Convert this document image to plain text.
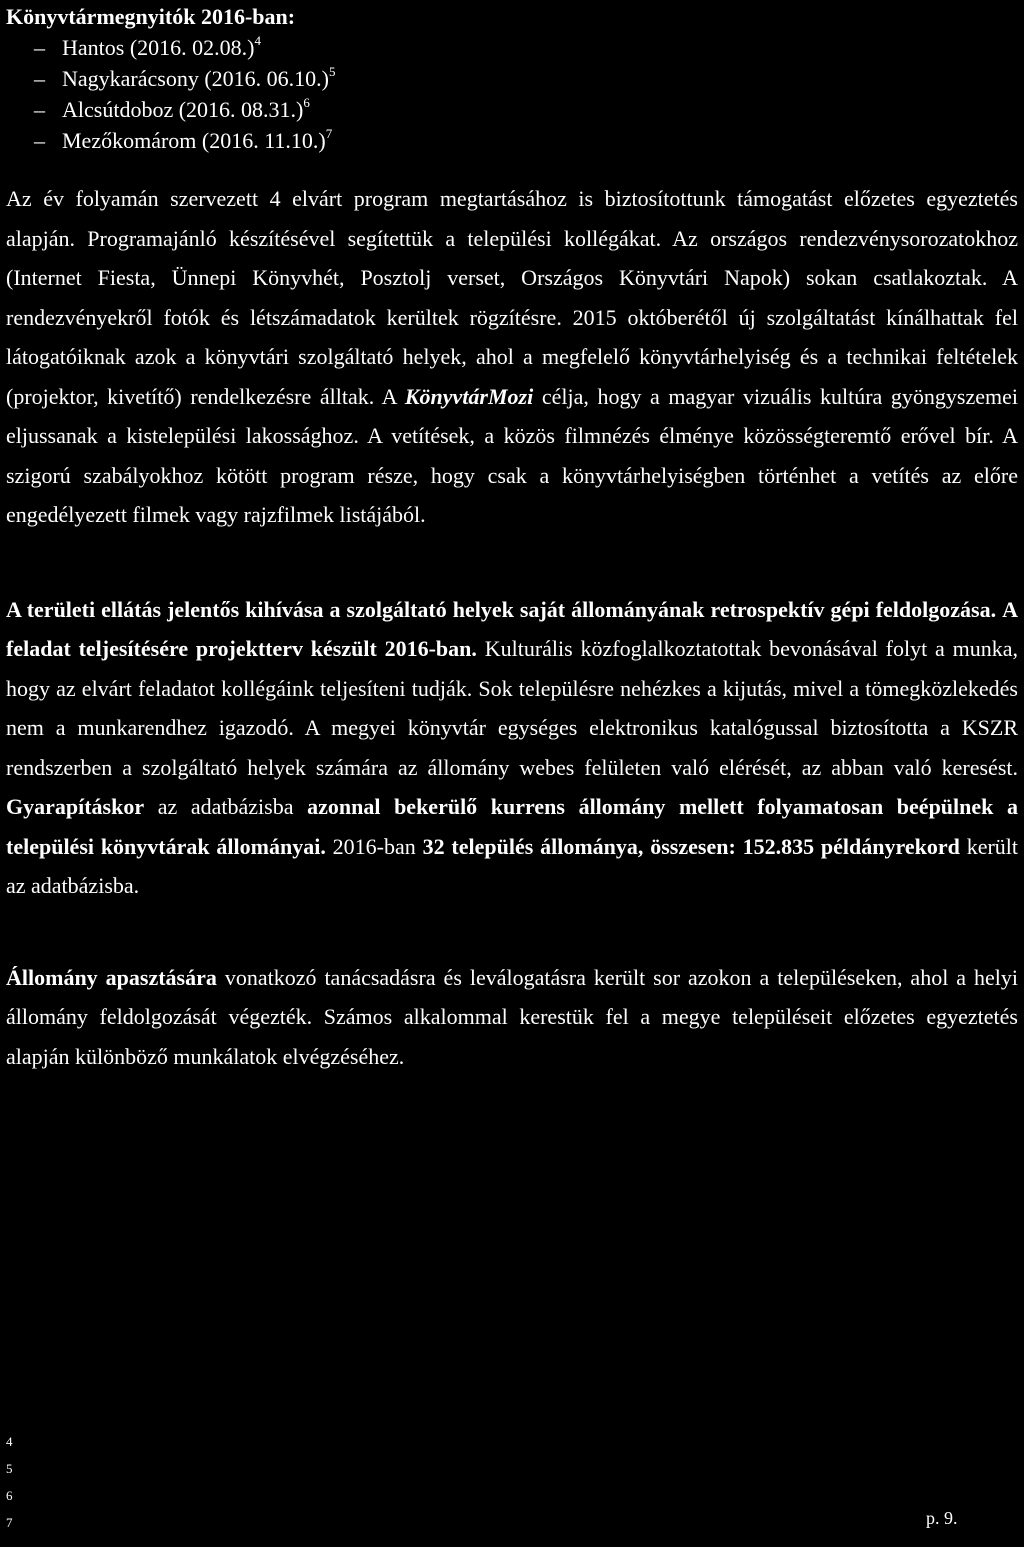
Könyvtármegnyitók 2016-ban:
– Hantos (2016. 02.08.)$^4$
– Nagykarácsony (2016. 06.10.)$^5$
– Alcsútdoboz (2016. 08.31.)$^6$
– Mezőkomárom (2016. 11.10.)$^7$

Az év folyamán szervezett 4 elvárt program megtartásához is biztosítottunk támogatást előzetes egyeztetés alapján. Programajánló készítésével segítettük a települési kollégákat. Az országos rendezvénysorozatokhoz (Internet Fiesta, Ünnepi Könyvhét, Posztolj verset, Országos Könyvtári Napok) sokan csatlakoztak. A rendezvényekről fotók és létszámadatok kerültek rögzítésre. 2015 októberétől új szolgáltatást kínálhattak fel látogatóiknak azok a könyvtári szolgáltató helyek, ahol a megfelelő könyvtárhelyiség és a technikai feltételek (projektor, kivetítő) rendelkezésre álltak. A KönyvtárMozi célja, hogy a magyar vizuális kultúra gyöngyszemei eljussanak a kistelepülési lakossághoz. A vetítések, a közös filmnézés élménye közösségteremtő erővel bír. A szigorú szabályokhoz kötött program része, hogy csak a könyvtárhelyiségben történhet a vetítés az előre engedélyezett filmek vagy rajzfilmek listájából.

A területi ellátás jelentős kihívása a szolgáltató helyek saját állományának retrospektív gépi feldolgozása. A feladat teljesítésére projektterv készült 2016-ban. Kulturális közfoglalkoztatottak bevonásával folyt a munka, hogy az elvárt feladatot kollégáink teljesíteni tudják. Sok településre nehézkes a kijutás, mivel a tömegközlekedés nem a munkarendhez igazodó. A megyei könyvtár egységes elektronikus katalógussal biztosította a KSZR rendszerben a szolgáltató helyek számára az állomány webes felületen való elérését, az abban való keresést. Gyarapításkor az adatbázisba azonnal bekerülő kurrens állomány mellett folyamatosan beépülnek a települési könyvtárak állományai. 2016-ban 32 település állománya, összesen: 152.835 példányrekord került az adatbázisba.

Állomány apasztására vonatkozó tanácsadásra és leválogatásra került sor azokon a településeken, ahol a helyi állomány feldolgozását végezték. Számos alkalommal kerestük fel a megye településeit előzetes egyeztetés alapján különböző munkálatok elvégzéséhez.

4
5
6
7	p. 9.
